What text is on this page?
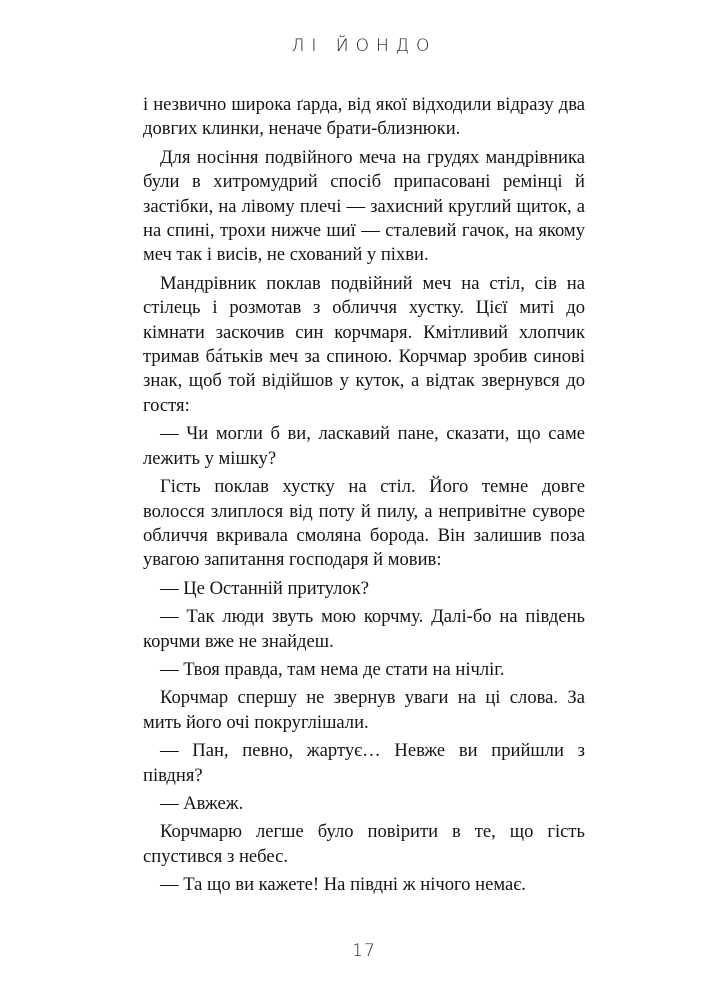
ЛІ ЙОНДО

і незвично широка ґарда, від якої відходили відразу два довгих клинки, неначе брати-близнюки.

Для носіння подвійного меча на грудях мандрівника були в хитромудрий спосіб припасовані ремінці й застібки, на лівому плечі — захисний круглий щиток, а на спині, трохи нижче шиї — сталевий гачок, на якому меч так і висів, не схований у піхви.

Мандрівник поклав подвійний меч на стіл, сів на стілець і розмотав з обличчя хустку. Цієї миті до кімнати заскочив син корчмаря. Кмітливий хлопчик тримав бáтьків меч за спиною. Корчмар зробив синові знак, щоб той відійшов у куток, а відтак звернувся до гостя:

— Чи могли б ви, ласкавий пане, сказати, що саме лежить у мішку?

Гість поклав хустку на стіл. Його темне довге волосся злиплося від поту й пилу, а непривітне суворе обличчя вкривала смоляна борода. Він залишив поза увагою запитання господаря й мовив:

— Це Останній притулок?

— Так люди звуть мою корчму. Далі-бо на південь корчми вже не знайдеш.

— Твоя правда, там нема де стати на нічліг.

Корчмар спершу не звернув уваги на ці слова. За мить його очі покруглішали.

— Пан, певно, жартує… Невже ви прийшли з півдня?

— Авжеж.

Корчмарю легше було повірити в те, що гість спустився з небес.

— Та що ви кажете! На півдні ж нічого немає.

17
